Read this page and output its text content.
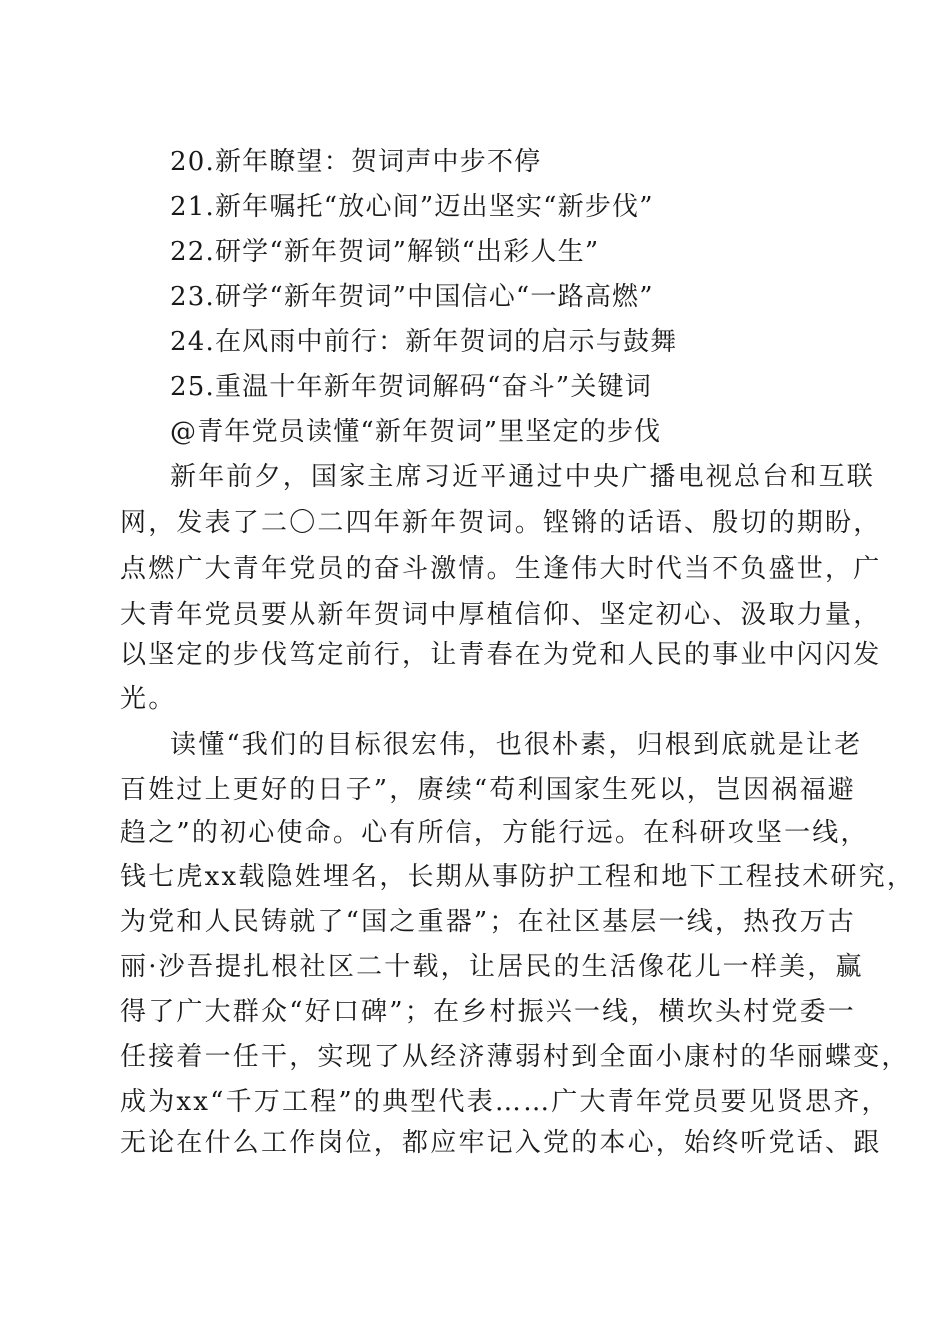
20.新年瞭望：贺词声中步不停
21.新年嘱托“放心间”迈出坚实“新步伐”
22.研学“新年贺词”解锁“出彩人生”
23.研学“新年贺词”中国信心“一路高燃”
24.在风雨中前行：新年贺词的启示与鼓舞
25.重温十年新年贺词解码“奋斗”关键词
@青年党员读懂“新年贺词”里坚定的步伐
新年前夕，国家主席习近平通过中央广播电视总台和互联
网，发表了二〇二四年新年贺词。铿锵的话语、殷切的期盼，
点燃广大青年党员的奋斗激情。生逢伟大时代当不负盛世，广
大青年党员要从新年贺词中厚植信仰、坚定初心、汲取力量，
以坚定的步伐笃定前行，让青春在为党和人民的事业中闪闪发
光。
读懂“我们的目标很宏伟，也很朴素，归根到底就是让老
百姓过上更好的日子”，赓续“苟利国家生死以，岂因祸福避
趋之”的初心使命。心有所信，方能行远。在科研攻坚一线，
钱七虎xx载隐姓埋名，长期从事防护工程和地下工程技术研究，
为党和人民铸就了“国之重器”；在社区基层一线，热孜万古
丽·沙吾提扎根社区二十载，让居民的生活像花儿一样美，赢
得了广大群众“好口碑”；在乡村振兴一线，横坎头村党委一
任接着一任干，实现了从经济薄弱村到全面小康村的华丽蝶变，
成为xx“千万工程”的典型代表……广大青年党员要见贤思齐，
无论在什么工作岗位，都应牢记入党的本心，始终听党话、跟
